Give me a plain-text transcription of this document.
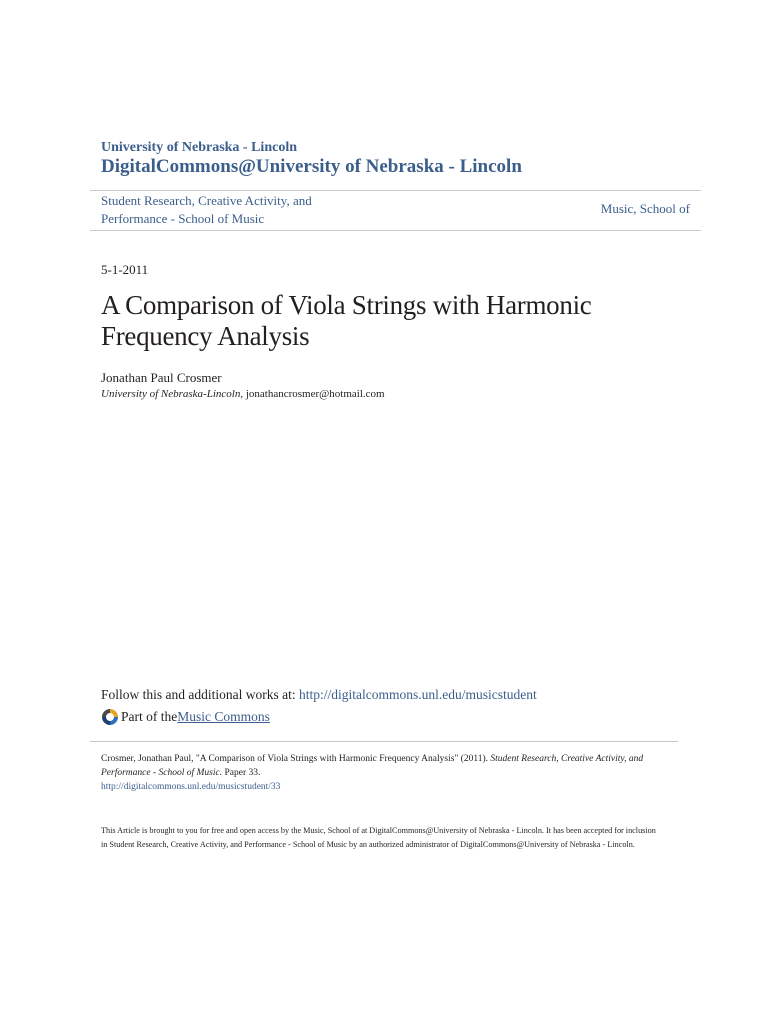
University of Nebraska - Lincoln
DigitalCommons@University of Nebraska - Lincoln
Student Research, Creative Activity, and Performance - School of Music
Music, School of
5-1-2011
A Comparison of Viola Strings with Harmonic Frequency Analysis
Jonathan Paul Crosmer
University of Nebraska-Lincoln, jonathancrosmer@hotmail.com
Follow this and additional works at: http://digitalcommons.unl.edu/musicstudent
Part of the Music Commons
Crosmer, Jonathan Paul, "A Comparison of Viola Strings with Harmonic Frequency Analysis" (2011). Student Research, Creative Activity, and Performance - School of Music. Paper 33.
http://digitalcommons.unl.edu/musicstudent/33
This Article is brought to you for free and open access by the Music, School of at DigitalCommons@University of Nebraska - Lincoln. It has been accepted for inclusion in Student Research, Creative Activity, and Performance - School of Music by an authorized administrator of DigitalCommons@University of Nebraska - Lincoln.
